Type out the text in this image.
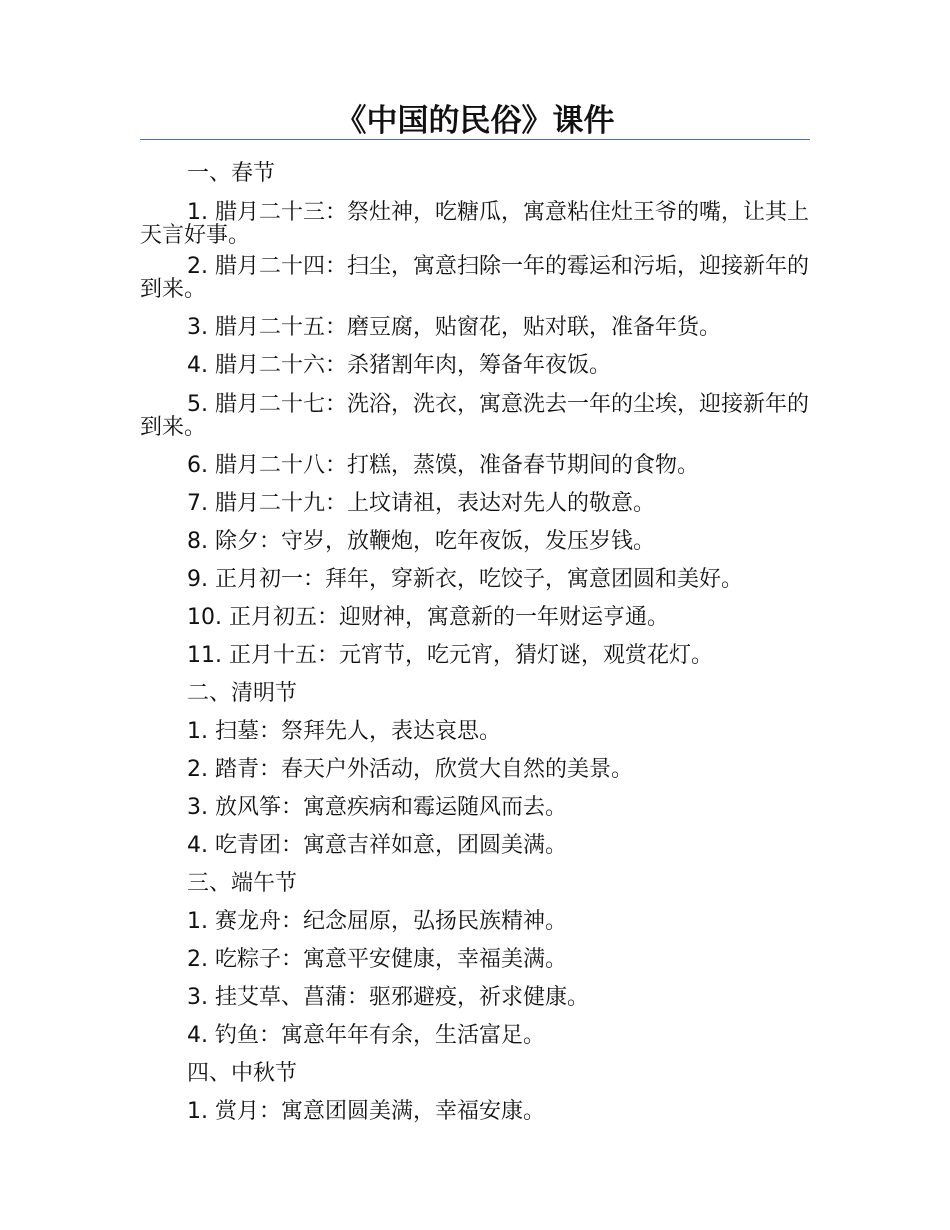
《中国的民俗》课件
一、春节
1. 腊月二十三：祭灶神，吃糖瓜，寓意粘住灶王爷的嘴，让其上天言好事。
2. 腊月二十四：扫尘，寓意扫除一年的霉运和污垢，迎接新年的到来。
3. 腊月二十五：磨豆腐，贴窗花，贴对联，准备年货。
4. 腊月二十六：杀猪割年肉，筹备年夜饭。
5. 腊月二十七：洗浴，洗衣，寓意洗去一年的尘埃，迎接新年的到来。
6. 腊月二十八：打糕，蒸馍，准备春节期间的食物。
7. 腊月二十九：上坟请祖，表达对先人的敬意。
8. 除夕：守岁，放鞭炮，吃年夜饭，发压岁钱。
9. 正月初一：拜年，穿新衣，吃饺子，寓意团圆和美好。
10. 正月初五：迎财神，寓意新的一年财运亨通。
11. 正月十五：元宵节，吃元宵，猜灯谜，观赏花灯。
二、清明节
1. 扫墓：祭拜先人，表达哀思。
2. 踏青：春天户外活动，欣赏大自然的美景。
3. 放风筝：寓意疾病和霉运随风而去。
4. 吃青团：寓意吉祥如意，团圆美满。
三、端午节
1. 赛龙舟：纪念屈原，弘扬民族精神。
2. 吃粽子：寓意平安健康，幸福美满。
3. 挂艾草、菖蒲：驱邪避疫，祈求健康。
4. 钓鱼：寓意年年有余，生活富足。
四、中秋节
1. 赏月：寓意团圆美满，幸福安康。
